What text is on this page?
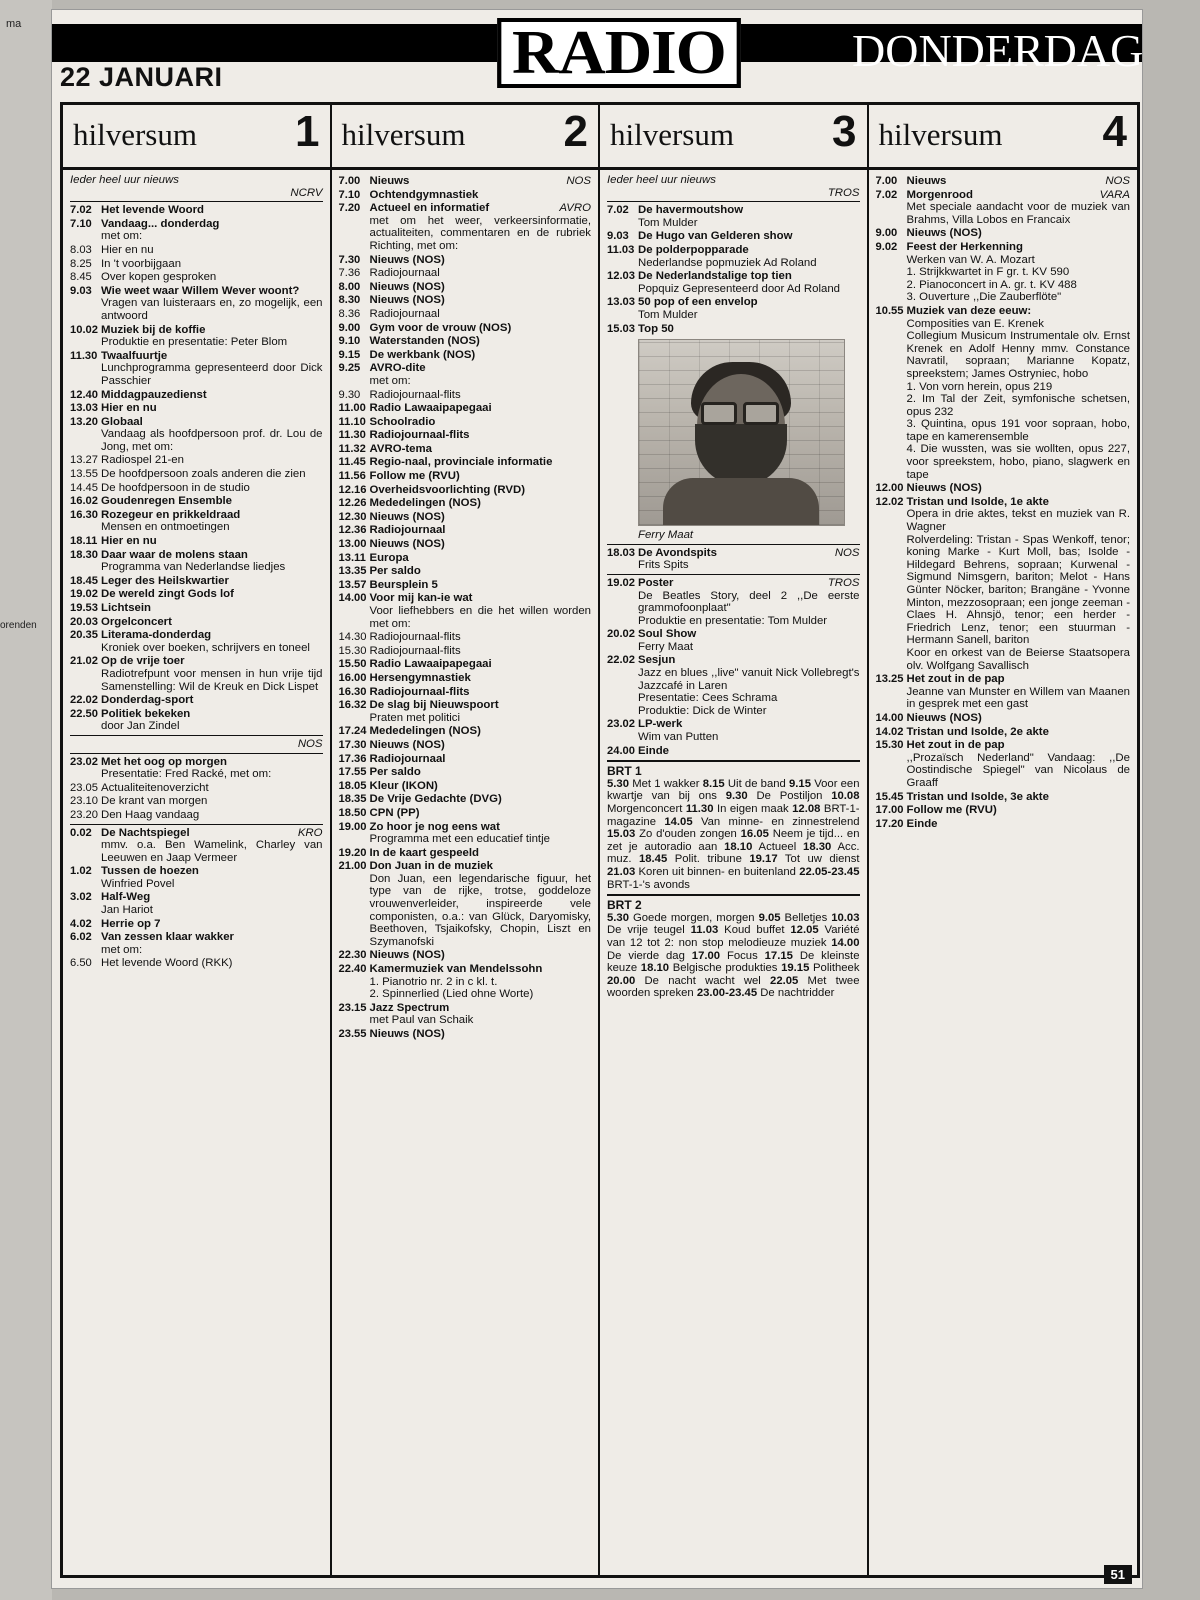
ma
orenden
22 JANUARI	RADIO	DONDERDAG
hilversum 1
Ieder heel uur nieuws
NCRV
7.02 Het levende Woord
7.10 Vandaag... donderdag
met om:
8.03 Hier en nu
8.25 In 't voorbijgaan
8.45 Over kopen gesproken
9.03 Wie weet waar Willem Wever woont?
Vragen van luisteraars en, zo mogelijk, een antwoord
10.02 Muziek bij de koffie
Produktie en presentatie: Peter Blom
11.30 Twaalfuurtje
Lunchprogramma gepresenteerd door Dick Passchier
12.40 Middagpauzedienst
13.03 Hier en nu
13.20 Globaal
Vandaag als hoofdpersoon prof. dr. Lou de Jong, met om:
13.27 Radiospel 21-en
13.55 De hoofdpersoon zoals anderen die zien
14.45 De hoofdpersoon in de studio
16.02 Goudenregen Ensemble
16.30 Rozegeur en prikkeldraad
Mensen en ontmoetingen
18.11 Hier en nu
18.30 Daar waar de molens staan
Programma van Nederlandse liedjes
18.45 Leger des Heilskwartier
19.02 De wereld zingt Gods lof
19.53 Lichtsein
20.03 Orgelconcert
20.35 Literama-donderdag
Kroniek over boeken, schrijvers en toneel
21.02 Op de vrije toer
Radiotrefpunt voor mensen in hun vrije tijd Samenstelling: Wil de Kreuk en Dick Lispet
22.02 Donderdag-sport
22.50 Politiek bekeken
door Jan Zindel
NOS
23.02 Met het oog op morgen
Presentatie: Fred Racké, met om:
23.05 Actualiteitenoverzicht
23.10 De krant van morgen
23.20 Den Haag vandaag
0.02 De Nachtspiegel	KRO
mmv. o.a. Ben Wamelink, Charley van Leeuwen en Jaap Vermeer
1.02 Tussen de hoezen
Winfried Povel
3.02 Half-Weg
Jan Hariot
4.02 Herrie op 7
6.02 Van zessen klaar wakker
met om:
6.50 Het levende Woord (RKK)
hilversum 2
7.00 Nieuws	NOS
7.10 Ochtendgymnastiek
7.20 Actueel en informatief	AVRO
met om het weer, verkeersinformatie, actualiteiten, commentaren en de rubriek Richting, met om:
7.30 Nieuws (NOS)
7.36 Radiojournaal
8.00 Nieuws (NOS)
8.30 Nieuws (NOS)
8.36 Radiojournaal
9.00 Gym voor de vrouw (NOS)
9.10 Waterstanden (NOS)
9.15 De werkbank (NOS)
9.25 AVRO-dite
met om:
9.30 Radiojournaal-flits
11.00 Radio Lawaaipapegaai
11.10 Schoolradio
11.30 Radiojournaal-flits
11.32 AVRO-tema
11.45 Regio-naal, provinciale informatie
11.56 Follow me (RVU)
12.16 Overheidsvoorlichting (RVD)
12.26 Mededelingen (NOS)
12.30 Nieuws (NOS)
12.36 Radiojournaal
13.00 Nieuws (NOS)
13.11 Europa
13.35 Per saldo
13.57 Beursplein 5
14.00 Voor mij kan-ie wat
Voor liefhebbers en die het willen worden met om:
14.30 Radiojournaal-flits
15.30 Radiojournaal-flits
15.50 Radio Lawaaipapegaai
16.00 Hersengymnastiek
16.30 Radiojournaal-flits
16.32 De slag bij Nieuwspoort
Praten met politici
17.24 Mededelingen (NOS)
17.30 Nieuws (NOS)
17.36 Radiojournaal
17.55 Per saldo
18.05 Kleur (IKON)
18.35 De Vrije Gedachte (DVG)
18.50 CPN (PP)
19.00 Zo hoor je nog eens wat
Programma met een educatief tintje
19.20 In de kaart gespeeld
21.00 Don Juan in de muziek
Don Juan, een legendarische figuur, het type van de rijke, trotse, goddeloze vrouwenverleider, inspireerde vele componisten, o.a.: van Glück, Daryomisky, Beethoven, Tsjaikofsky, Chopin, Liszt en Szymanofski
22.30 Nieuws (NOS)
22.40 Kamermuziek van Mendelssohn
1. Pianotrio nr. 2 in c kl. t.
2. Spinnerlied (Lied ohne Worte)
23.15 Jazz Spectrum
met Paul van Schaik
23.55 Nieuws (NOS)
hilversum 3
Ieder heel uur nieuws
TROS
7.02 De havermoutshow
Tom Mulder
9.03 De Hugo van Gelderen show
11.03 De polderpopparade
Nederlandse popmuziek Ad Roland
12.03 De Nederlandstalige top tien
Popquiz Gepresenteerd door Ad Roland
13.03 50 pop of een envelop
Tom Mulder
15.03 Top 50
Ferry Maat
18.03 De Avondspits	NOS
Frits Spits
19.02 Poster	TROS
De Beatles Story, deel 2 ,,De eerste grammofoonplaat"
Produktie en presentatie: Tom Mulder
20.02 Soul Show
Ferry Maat
22.02 Sesjun
Jazz en blues ,,live" vanuit Nick Vollebregt's Jazzcafé in Laren
Presentatie: Cees Schrama
Produktie: Dick de Winter
23.02 LP-werk
Wim van Putten
24.00 Einde
BRT 1
5.30 Met 1 wakker 8.15 Uit de band 9.15 Voor een kwartje van bij ons 9.30 De Postiljon 10.08 Morgenconcert 11.30 In eigen maak 12.08 BRT-1-magazine 14.05 Van minne- en zinnestrelend 15.03 Zo d'ouden zongen 16.05 Neem je tijd... en zet je autoradio aan 18.10 Actueel 18.30 Acc. muz. 18.45 Polit. tribune 19.17 Tot uw dienst 21.03 Koren uit binnen- en buitenland 22.05-23.45 BRT-1-'s avonds
BRT 2
5.30 Goede morgen, morgen 9.05 Belletjes 10.03 De vrije teugel 11.03 Koud buffet 12.05 Variété van 12 tot 2: non stop melodieuze muziek 14.00 De vierde dag 17.00 Focus 17.15 De kleinste keuze 18.10 Belgische produkties 19.15 Politheek 20.00 De nacht wacht wel 22.05 Met twee woorden spreken 23.00-23.45 De nachtridder
hilversum 4
7.00 Nieuws	NOS
7.02 Morgenrood	VARA
Met speciale aandacht voor de muziek van Brahms, Villa Lobos en Francaix
9.00 Nieuws (NOS)
9.02 Feest der Herkenning
Werken van W. A. Mozart
1. Strijkkwartet in F gr. t. KV 590
2. Pianoconcert in A. gr. t. KV 488
3. Ouverture ,,Die Zauberflöte"
10.55 Muziek van deze eeuw:
Composities van E. Krenek
Collegium Musicum Instrumentale olv. Ernst Krenek en Adolf Henny mmv. Constance Navratil, sopraan; Marianne Kopatz, spreekstem; James Ostryniec, hobo
1. Von vorn herein, opus 219
2. Im Tal der Zeit, symfonische schetsen, opus 232
3. Quintina, opus 191 voor sopraan, hobo, tape en kamerensemble
4. Die wussten, was sie wollten, opus 227, voor spreekstem, hobo, piano, slagwerk en tape
12.00 Nieuws (NOS)
12.02 Tristan und Isolde, 1e akte
Opera in drie aktes, tekst en muziek van R. Wagner
Rolverdeling: Tristan - Spas Wenkoff, tenor; koning Marke - Kurt Moll, bas; Isolde - Hildegard Behrens, sopraan; Kurwenal - Sigmund Nimsgern, bariton; Melot - Hans Günter Nöcker, bariton; Brangäne - Yvonne Minton, mezzosopraan; een jonge zeeman - Claes H. Ahnsjö, tenor; een herder - Friedrich Lenz, tenor; een stuurman - Hermann Sanell, bariton
Koor en orkest van de Beierse Staatsopera olv. Wolfgang Savallisch
13.25 Het zout in de pap
Jeanne van Munster en Willem van Maanen in gesprek met een gast
14.00 Nieuws (NOS)
14.02 Tristan und Isolde, 2e akte
15.30 Het zout in de pap
,,Prozaïsch Nederland" Vandaag: ,,De Oostindische Spiegel" van Nicolaus de Graaff
15.45 Tristan und Isolde, 3e akte
17.00 Follow me (RVU)
17.20 Einde
51
